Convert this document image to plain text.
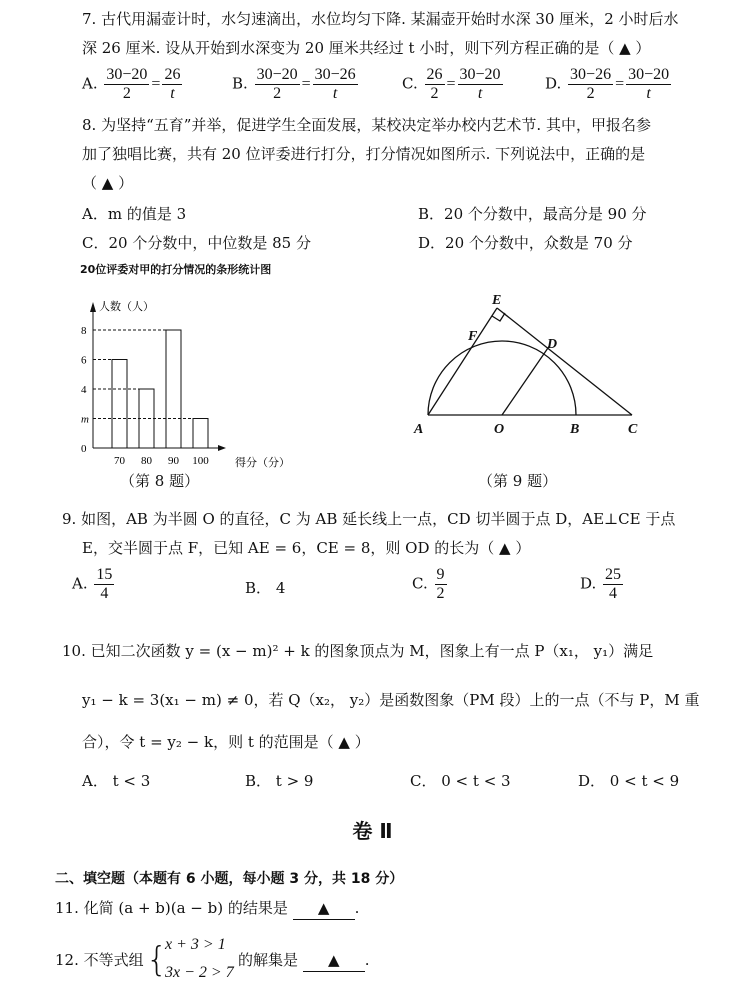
7. 古代用漏壶计时，水匀速滴出，水位均匀下降. 某漏壶开始时水深 30 厘米，2 小时后水
深 26 厘米. 设从开始到水深变为 20 厘米共经过 t 小时，则下列方程正确的是（ ▲ ）
A. $\frac{30-20}{2} = \frac{26}{t}$	B. $\frac{30-20}{2} = \frac{30-26}{t}$	C. $\frac{26}{2} = \frac{30-20}{t}$	D. $\frac{30-26}{2} = \frac{30-20}{t}$
8. 为坚持“五育”并举，促进学生全面发展，某校决定举办校内艺术节. 其中，甲报名参
加了独唱比赛，共有 20 位评委进行打分，打分情况如图所示. 下列说法中，正确的是
（ ▲ ）
A．m 的值是 3	B．20 个分数中，最高分是 90 分
C．20 个分数中，中位数是 85 分	D．20 个分数中，众数是 70 分
20位评委对甲的打分情况的条形统计图
人数（人）
得分（分）
0
m
4
6
8
70 80 90 100
（第 8 题）
E
F
D
A	O	B	C
（第 9 题）
9. 如图，AB 为半圆 O 的直径，C 为 AB 延长线上一点，CD 切半圆于点 D，AE⊥CE 于点
E，交半圆于点 F，已知 AE = 6，CE = 8，则 OD 的长为（ ▲ ）
A. $\frac{15}{4}$	B． 4	C. $\frac{9}{2}$	D. $\frac{25}{4}$
10. 已知二次函数 y = (x − m)² + k 的图象顶点为 M，图象上有一点 P（x₁， y₁）满足
y₁ − k = 3(x₁ − m) ≠ 0，若 Q（x₂， y₂）是函数图象（PM 段）上的一点（不与 P，M 重
合），令 t = y₂ − k，则 t 的范围是（ ▲ ）
A． t < 3	B． t > 9	C． 0 < t < 3	D． 0 < t < 9
卷 Ⅱ
二、填空题（本题有 6 小题，每小题 3 分，共 18 分）
11. 化简 (a + b)(a − b) 的结果是 ▲ .
12. 不等式组 {
x + 3 > 1
3x − 2 > 7
的解集是 ▲ .
